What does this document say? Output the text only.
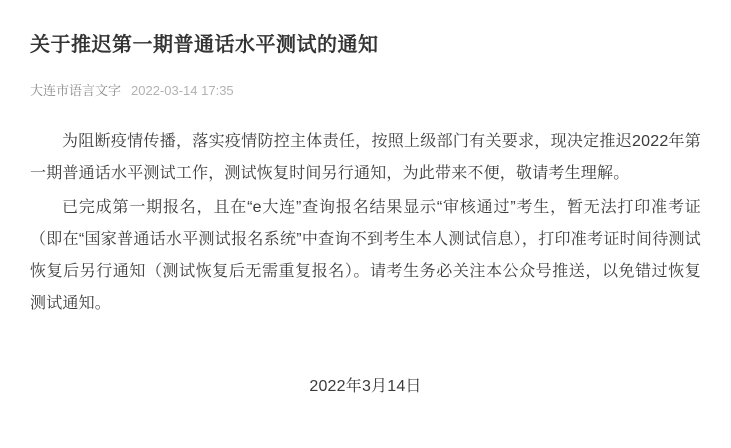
关于推迟第一期普通话水平测试的通知
大连市语言文字 2022-03-14 17:35

为阻断疫情传播，落实疫情防控主体责任，按照上级部门有关要求，现决定推迟2022年第一期普通话水平测试工作，测试恢复时间另行通知，为此带来不便，敬请考生理解。

已完成第一期报名，且在“e大连”查询报名结果显示“审核通过”考生，暂无法打印准考证（即在“国家普通话水平测试报名系统”中查询不到考生本人测试信息），打印准考证时间待测试恢复后另行通知（测试恢复后无需重复报名）。请考生务必关注本公众号推送，以免错过恢复测试通知。

2022年3月14日
